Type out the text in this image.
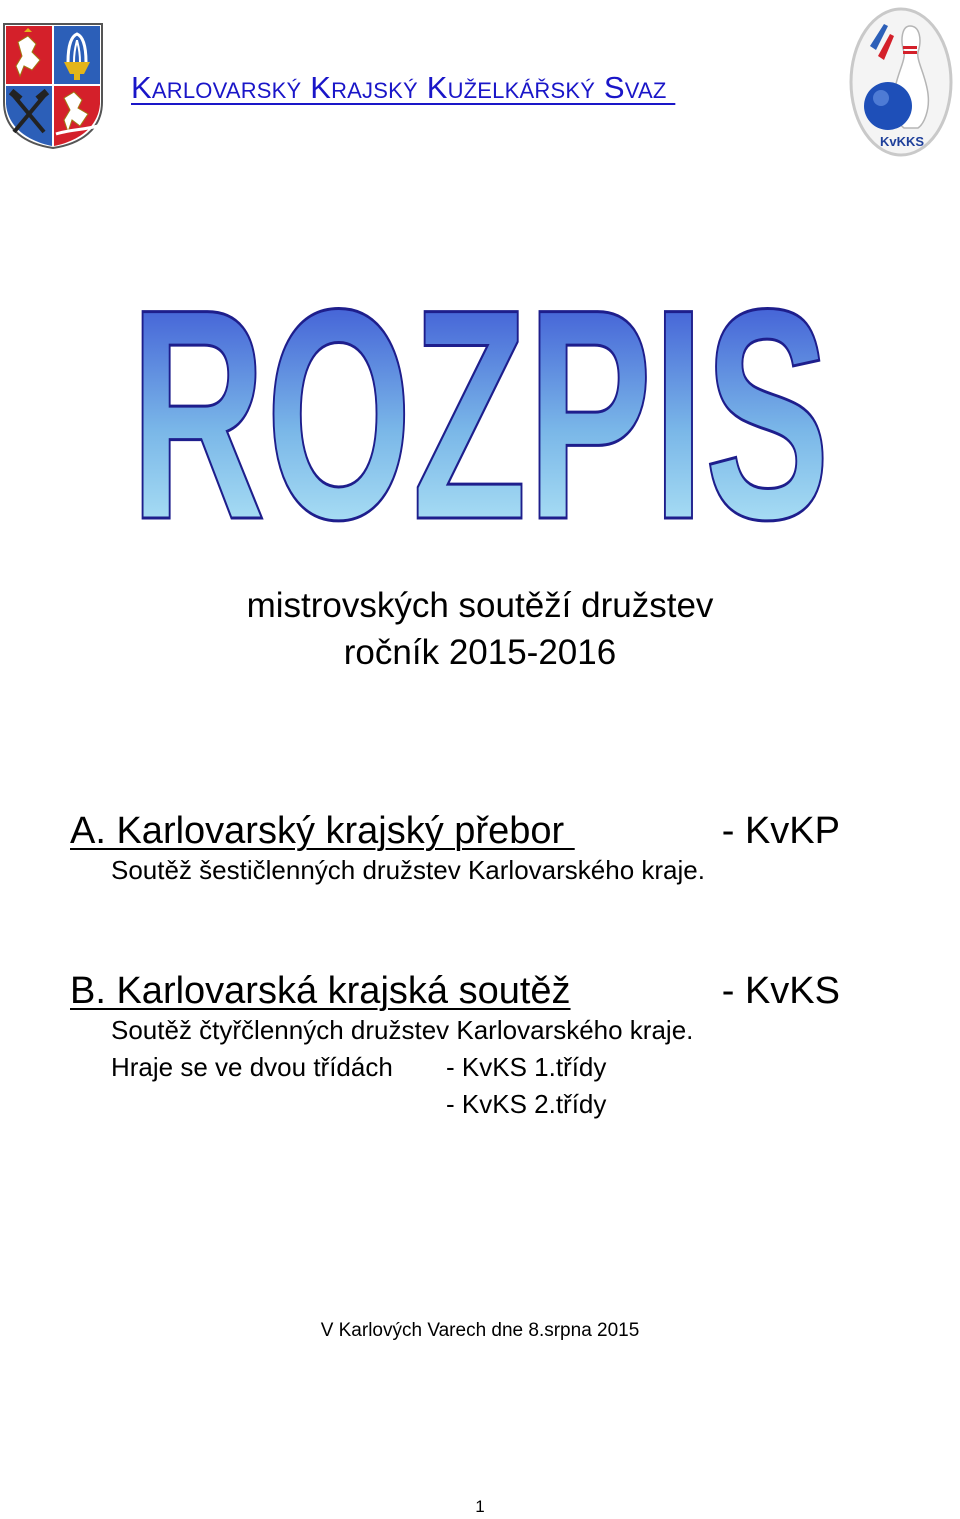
Karlovarský Krajský Kuželkářský Svaz
KvKKS
ROZPIS
mistrovských soutěží družstev
ročník 2015-2016
A. Karlovarský krajský přebor	- KvKP
Soutěž šestičlenných družstev Karlovarského kraje.
B. Karlovarská krajská soutěž	- KvKS
Soutěž čtyřčlenných družstev Karlovarského kraje.
Hraje se ve dvou třídách - KvKS 1.třídy
- KvKS 2.třídy
V Karlových Varech dne 8.srpna 2015
1
